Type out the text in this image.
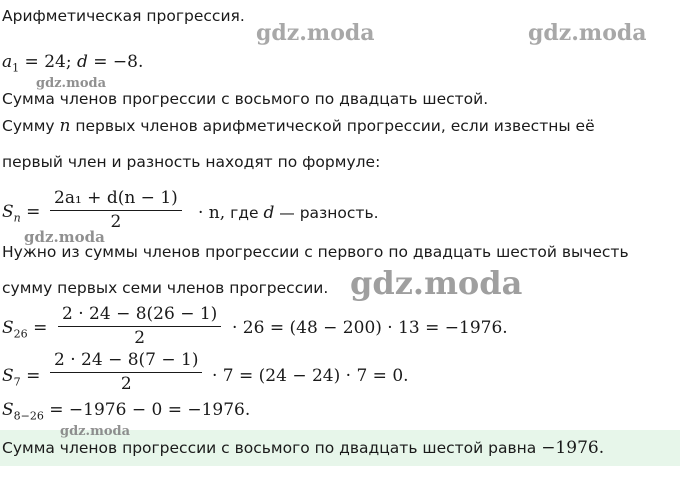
Арифметическая прогрессия.
$a_1 = 24$; d = −8.
Сумма членов прогрессии с восьмого по двадцать шестой.
Сумму n первых членов арифметической прогрессии, если известны её
первый член и разность находят по формуле:
$S_n = \frac{\text{2a₁ + d(n − 1)}}{2} \cdot n$, где d — разность.
Нужно из суммы членов прогрессии с первого по двадцать шестой вычесть
сумму первых семи членов прогрессии.
$S_{26} = \frac{2 \cdot 24 - 8(26 - 1)}{2} \cdot 26 = (48 - 200) \cdot 13 = -1976$.
$S_7 = \frac{2 \cdot 24 - 8(7 - 1)}{2} \cdot 7 = (24 - 24) \cdot 7 = 0$.
$S_{8-26} = -1976 - 0 = -1976$.
Сумма членов прогрессии с восьмого по двадцать шестой равна −1976.
gdz.moda	gdz.moda
gdz.moda
gdz.moda
gdz.moda
gdz.moda
